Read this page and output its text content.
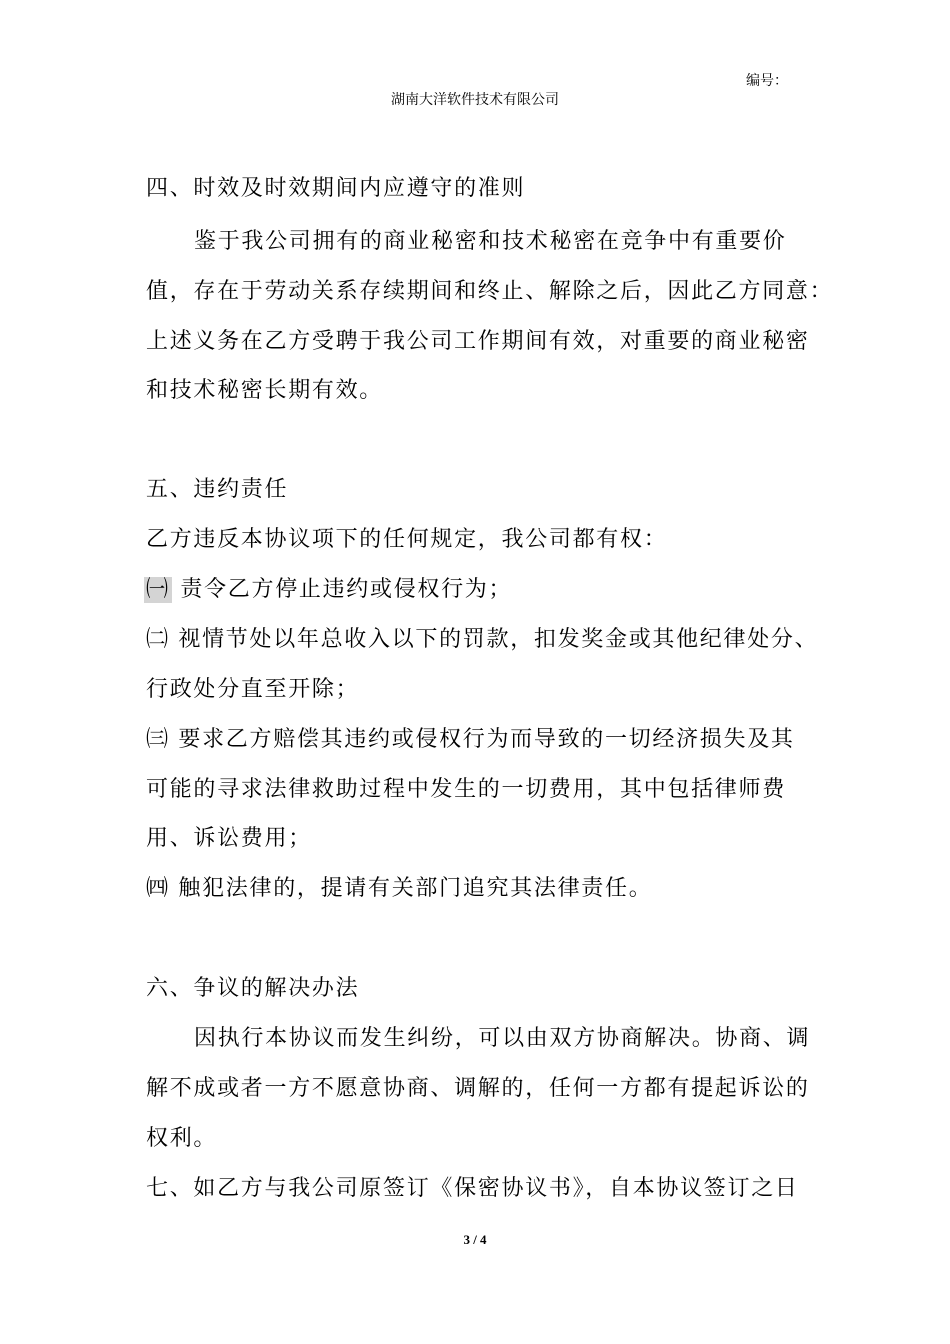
编号：
湖南大洋软件技术有限公司
四、时效及时效期间内应遵守的准则
鉴于我公司拥有的商业秘密和技术秘密在竞争中有重要价
值，存在于劳动关系存续期间和终止、解除之后，因此乙方同意：
上述义务在乙方受聘于我公司工作期间有效，对重要的商业秘密
和技术秘密长期有效。
五、违约责任
乙方违反本协议项下的任何规定，我公司都有权：
㈠ 责令乙方停止违约或侵权行为；
㈡ 视情节处以年总收入以下的罚款，扣发奖金或其他纪律处分、
行政处分直至开除；
㈢ 要求乙方赔偿其违约或侵权行为而导致的一切经济损失及其
可能的寻求法律救助过程中发生的一切费用，其中包括律师费
用、诉讼费用；
㈣ 触犯法律的，提请有关部门追究其法律责任。
六、争议的解决办法
因执行本协议而发生纠纷，可以由双方协商解决。协商、调
解不成或者一方不愿意协商、调解的，任何一方都有提起诉讼的
权利。
七、如乙方与我公司原签订《保密协议书》，自本协议签订之日
3 / 4
